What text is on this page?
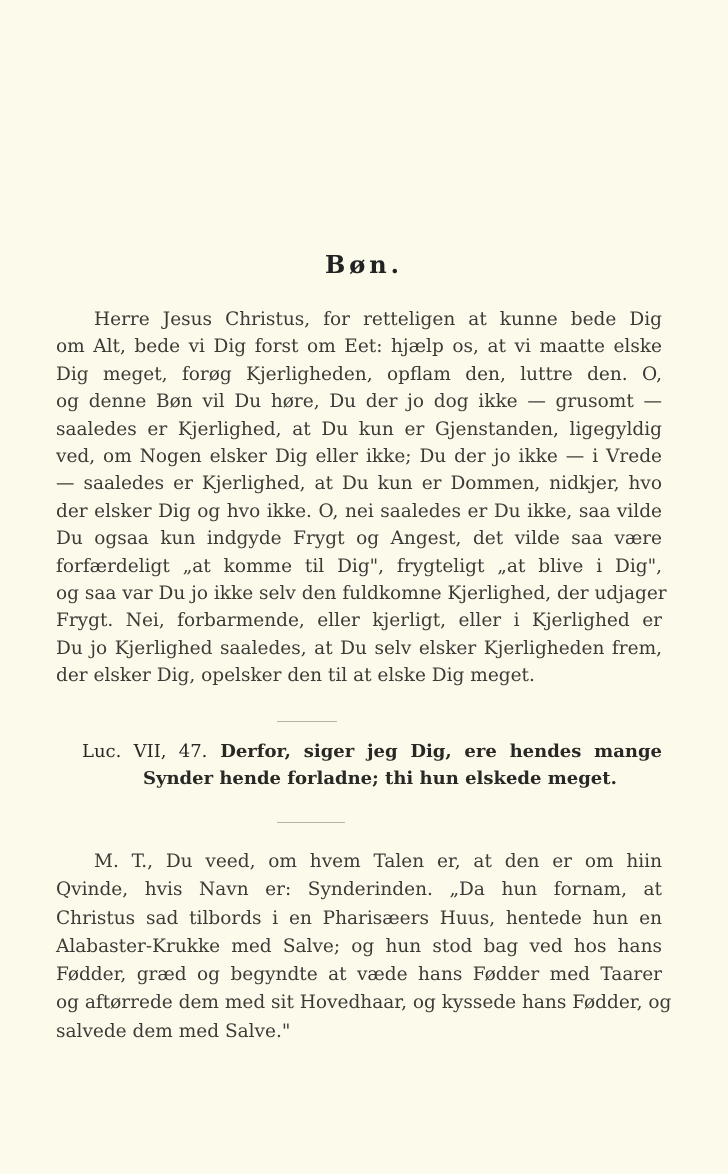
Bøn.
Herre Jesus Christus, for retteligen at kunne bede Dig
om Alt, bede vi Dig forst om Eet: hjælp os, at vi maatte elske
Dig meget, forøg Kjerligheden, opflam den, luttre den. O,
og denne Bøn vil Du høre, Du der jo dog ikke — grusomt —
saaledes er Kjerlighed, at Du kun er Gjenstanden, ligegyldig
ved, om Nogen elsker Dig eller ikke; Du der jo ikke — i Vrede
— saaledes er Kjerlighed, at Du kun er Dommen, nidkjer, hvo
der elsker Dig og hvo ikke. O, nei saaledes er Du ikke, saa vilde
Du ogsaa kun indgyde Frygt og Angest, det vilde saa være
forfærdeligt „at komme til Dig", frygteligt „at blive i Dig",
og saa var Du jo ikke selv den fuldkomne Kjerlighed, der udjager
Frygt. Nei, forbarmende, eller kjerligt, eller i Kjerlighed er
Du jo Kjerlighed saaledes, at Du selv elsker Kjerligheden frem,
der elsker Dig, opelsker den til at elske Dig meget.
Luc. VII, 47. Derfor, siger jeg Dig, ere hendes mange
Synder hende forladne; thi hun elskede meget.
M. T., Du veed, om hvem Talen er, at den er om hiin
Qvinde, hvis Navn er: Synderinden. „Da hun fornam, at
Christus sad tilbords i en Pharisæers Huus, hentede hun en
Alabaster-Krukke med Salve; og hun stod bag ved hos hans
Fødder, græd og begyndte at væde hans Fødder med Taarer
og aftørrede dem med sit Hovedhaar, og kyssede hans Fødder, og
salvede dem med Salve."
